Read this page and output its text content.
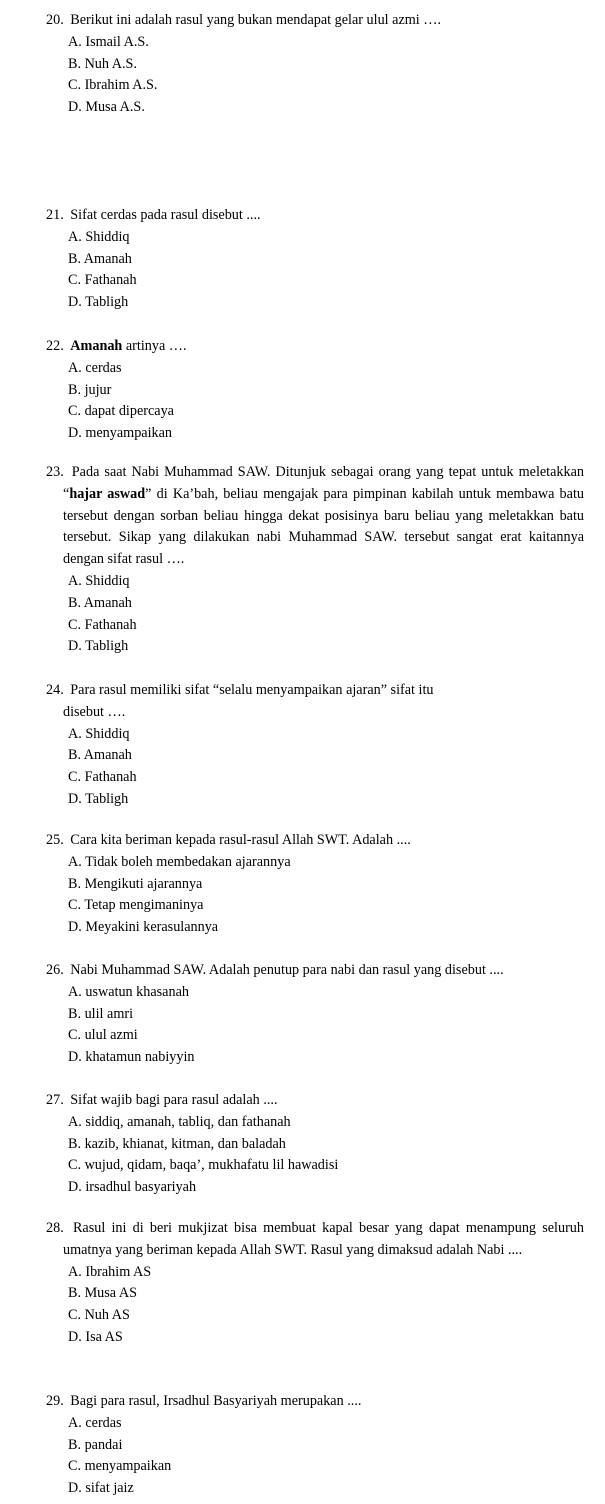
20. Berikut ini adalah rasul yang bukan mendapat gelar ulul azmi ….

A. Ismail A.S.
B. Nuh A.S.
C. Ibrahim A.S.
D. Musa A.S.

21. Sifat cerdas pada rasul disebut ....

A. Shiddiq
B. Amanah
C. Fathanah
D. Tabligh

22. Amanah artinya ….

A. cerdas
B. jujur
C. dapat dipercaya
D. menyampaikan

23. Pada saat Nabi Muhammad SAW. Ditunjuk sebagai orang yang tepat untuk meletakkan “hajar aswad” di Ka’bah, beliau mengajak para pimpinan kabilah untuk membawa batu tersebut dengan sorban beliau hingga dekat posisinya baru beliau yang meletakkan batu tersebut. Sikap yang dilakukan nabi Muhammad SAW. tersebut sangat erat kaitannya dengan sifat rasul ….

A. Shiddiq
B. Amanah
C. Fathanah
D. Tabligh

24. Para rasul memiliki sifat “selalu menyampaikan ajaran” sifat itu
disebut ….

A. Shiddiq
B. Amanah
C. Fathanah
D. Tabligh

25. Cara kita beriman kepada rasul-rasul Allah SWT. Adalah ....

A. Tidak boleh membedakan ajarannya
B. Mengikuti ajarannya
C. Tetap mengimaninya
D. Meyakini kerasulannya

26. Nabi Muhammad SAW. Adalah penutup para nabi dan rasul yang disebut ....

A. uswatun khasanah
B. ulil amri
C. ulul azmi
D. khatamun nabiyyin

27. Sifat wajib bagi para rasul adalah ....

A. siddiq, amanah, tabliq, dan fathanah
B. kazib, khianat, kitman, dan baladah
C. wujud, qidam, baqa’, mukhafatu lil hawadisi
D. irsadhul basyariyah

28. Rasul ini di beri mukjizat bisa membuat kapal besar yang dapat menampung seluruh umatnya yang beriman kepada Allah SWT. Rasul yang dimaksud adalah Nabi ....

A. Ibrahim AS
B. Musa AS
C. Nuh AS
D. Isa AS

29. Bagi para rasul, Irsadhul Basyariyah merupakan ....

A. cerdas
B. pandai
C. menyampaikan
D. sifat jaiz
